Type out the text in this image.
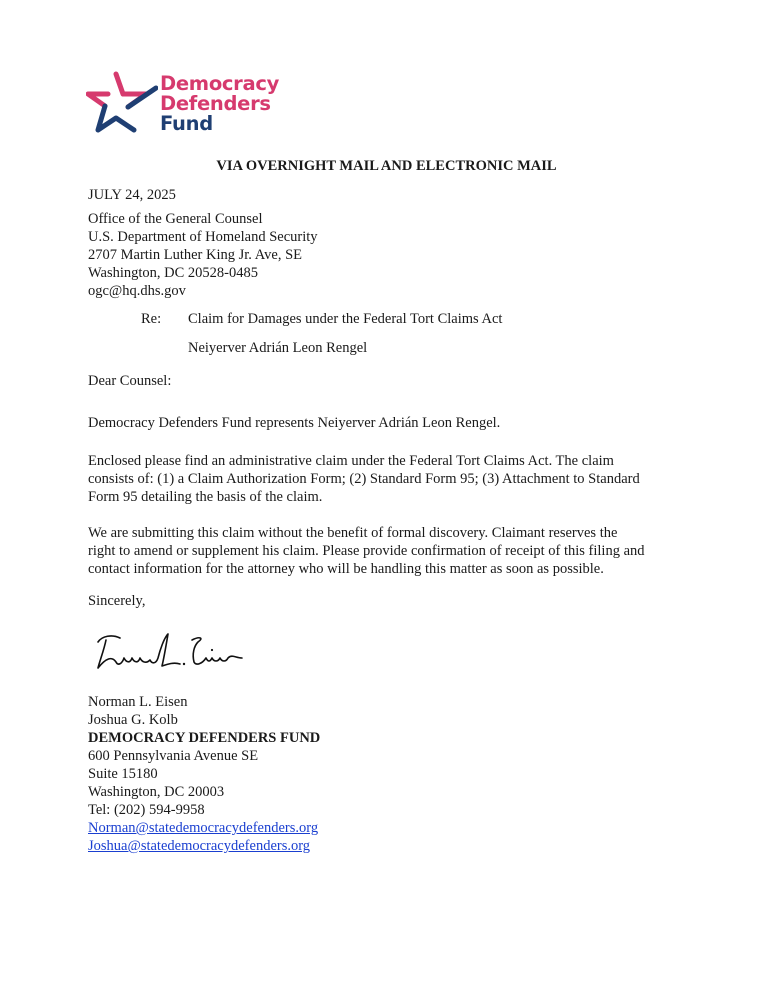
Democracy
Defenders
Fund
VIA OVERNIGHT MAIL AND ELECTRONIC MAIL
JULY 24, 2025
Office of the General Counsel
U.S. Department of Homeland Security
2707 Martin Luther King Jr. Ave, SE
Washington, DC 20528-0485
ogc@hq.dhs.gov
Re: Claim for Damages under the Federal Tort Claims Act
Neiyerver Adrián Leon Rengel
Dear Counsel:
Democracy Defenders Fund represents Neiyerver Adrián Leon Rengel.
Enclosed please find an administrative claim under the Federal Tort Claims Act. The claim
consists of: (1) a Claim Authorization Form; (2) Standard Form 95; (3) Attachment to Standard
Form 95 detailing the basis of the claim.
We are submitting this claim without the benefit of formal discovery. Claimant reserves the
right to amend or supplement his claim. Please provide confirmation of receipt of this filing and
contact information for the attorney who will be handling this matter as soon as possible.
Sincerely,
Norman L. Eisen
Joshua G. Kolb
DEMOCRACY DEFENDERS FUND
600 Pennsylvania Avenue SE
Suite 15180
Washington, DC 20003
Tel: (202) 594-9958
Norman@statedemocracydefenders.org
Joshua@statedemocracydefenders.org
